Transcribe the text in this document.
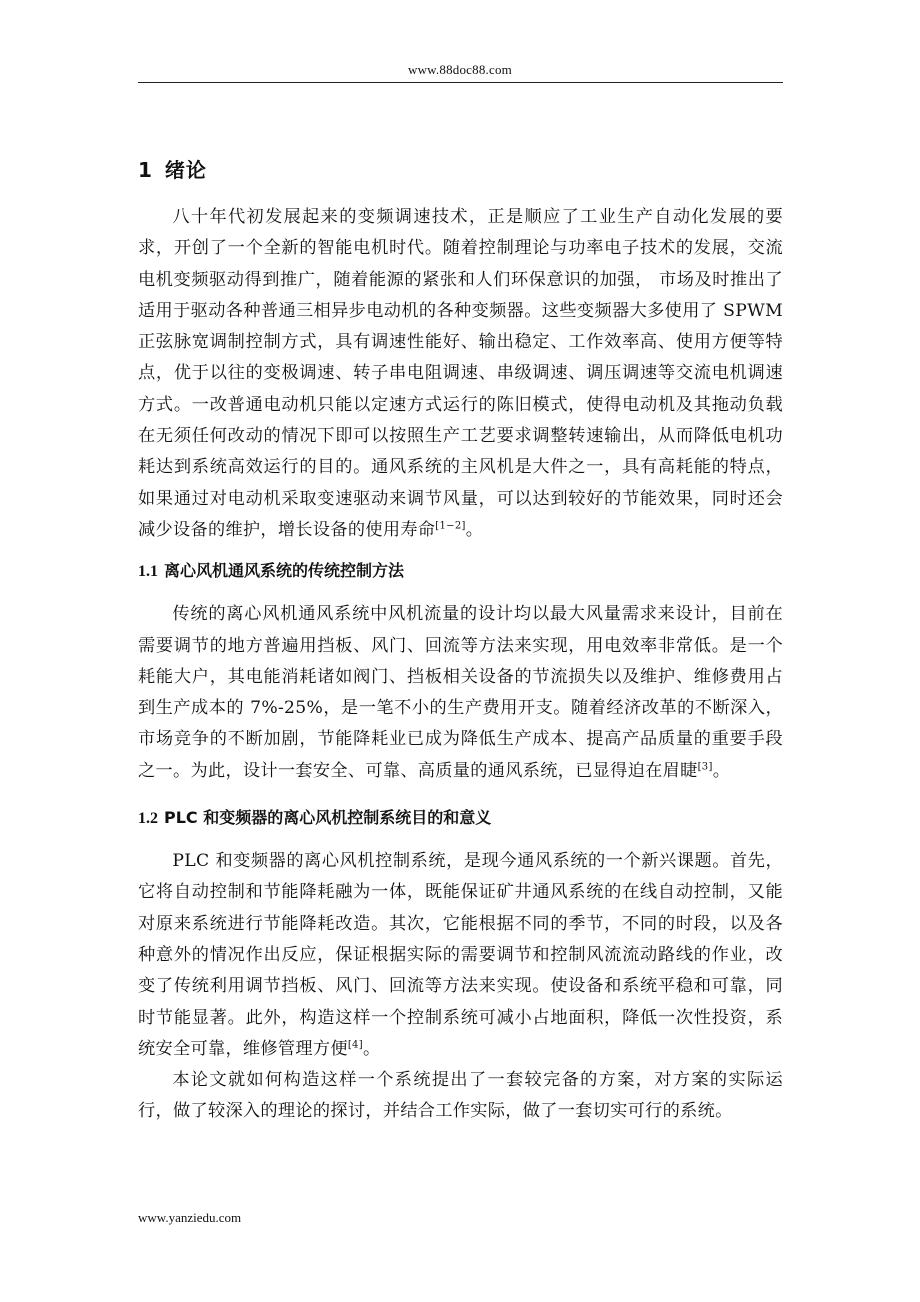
www.88doc88.com
1 绪论

八十年代初发展起来的变频调速技术，正是顺应了工业生产自动化发展的要求，开创了一个全新的智能电机时代。随着控制理论与功率电子技术的发展，交流电机变频驱动得到推广，随着能源的紧张和人们环保意识的加强， 市场及时推出了适用于驱动各种普通三相异步电动机的各种变频器。这些变频器大多使用了 SPWM 正弦脉宽调制控制方式，具有调速性能好、输出稳定、工作效率高、使用方便等特点，优于以往的变极调速、转子串电阻调速、串级调速、调压调速等交流电机调速方式。一改普通电动机只能以定速方式运行的陈旧模式，使得电动机及其拖动负载在无须任何改动的情况下即可以按照生产工艺要求调整转速输出，从而降低电机功耗达到系统高效运行的目的。通风系统的主风机是大件之一，具有高耗能的特点，如果通过对电动机采取变速驱动来调节风量，可以达到较好的节能效果，同时还会减少设备的维护，增长设备的使用寿命[1−2]。

1.1 离心风机通风系统的传统控制方法

传统的离心风机通风系统中风机流量的设计均以最大风量需求来设计，目前在需要调节的地方普遍用挡板、风门、回流等方法来实现，用电效率非常低。是一个耗能大户，其电能消耗诸如阀门、挡板相关设备的节流损失以及维护、维修费用占到生产成本的 7%-25%，是一笔不小的生产费用开支。随着经济改革的不断深入，市场竞争的不断加剧，节能降耗业已成为降低生产成本、提高产品质量的重要手段之一。为此，设计一套安全、可靠、高质量的通风系统，已显得迫在眉睫[3]。

1.2 PLC 和变频器的离心风机控制系统目的和意义

PLC 和变频器的离心风机控制系统，是现今通风系统的一个新兴课题。首先，它将自动控制和节能降耗融为一体，既能保证矿井通风系统的在线自动控制，又能对原来系统进行节能降耗改造。其次，它能根据不同的季节，不同的时段，以及各种意外的情况作出反应，保证根据实际的需要调节和控制风流流动路线的作业，改变了传统利用调节挡板、风门、回流等方法来实现。使设备和系统平稳和可靠，同时节能显著。此外，构造这样一个控制系统可减小占地面积，降低一次性投资，系统安全可靠，维修管理方便[4]。

本论文就如何构造这样一个系统提出了一套较完备的方案，对方案的实际运行，做了较深入的理论的探讨，并结合工作实际，做了一套切实可行的系统。

www.yanziedu.com
